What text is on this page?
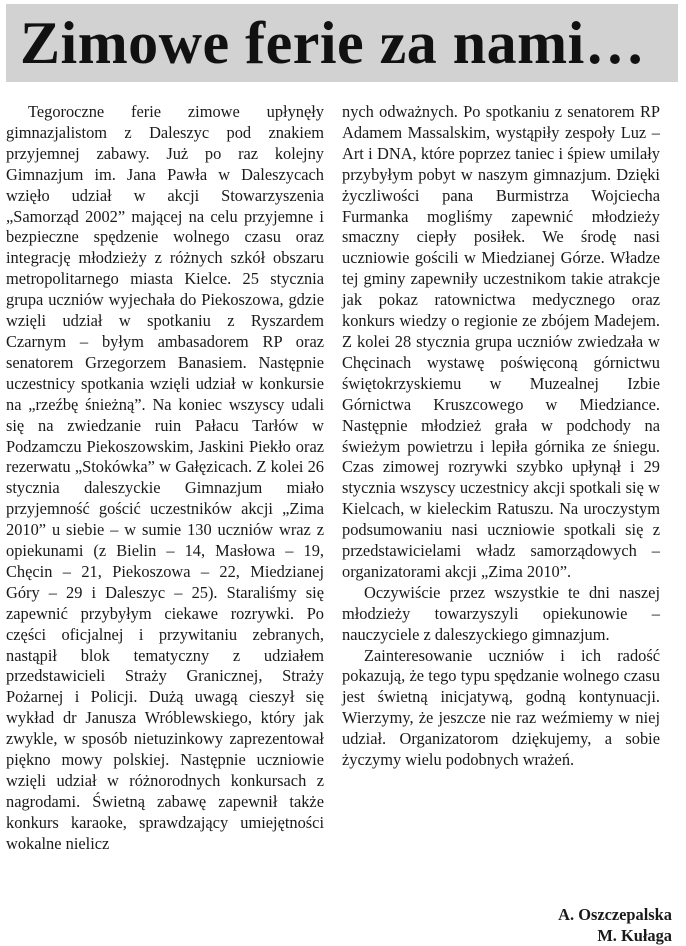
Zimowe ferie za nami…

Tegoroczne ferie zimowe upłynęły gimnazjalistom z Daleszyc pod znakiem przyjemnej zabawy. Już po raz kolejny Gimnazjum im. Jana Pawła w Daleszycach wzięło udział w akcji Stowarzyszenia „Samorząd 2002” mającej na celu przyjemne i bezpieczne spędzenie wolnego czasu oraz integrację młodzieży z różnych szkół obszaru metropolitarnego miasta Kielce. 25 stycznia grupa uczniów wyjechała do Piekoszowa, gdzie wzięli udział w spotkaniu z Ryszardem Czarnym – byłym ambasadorem RP oraz senatorem Grzegorzem Banasiem. Następnie uczestnicy spotkania wzięli udział w konkursie na „rzeźbę śnieżną”. Na koniec wszyscy udali się na zwiedzanie ruin Pałacu Tarłów w Podzamczu Piekoszowskim, Jaskini Piekło oraz rezerwatu „Stokówka” w Gałęzicach. Z kolei 26 stycznia daleszyckie Gimnazjum miało przyjemność gościć uczestników akcji „Zima 2010” u siebie – w sumie 130 uczniów wraz z opiekunami (z Bielin – 14, Masłowa – 19, Chęcin – 21, Piekoszowa – 22, Miedzianej Góry – 29 i Daleszyc – 25). Staraliśmy się zapewnić przybyłym ciekawe rozrywki. Po części oficjalnej i przywitaniu zebranych, nastąpił blok tematyczny z udziałem przedstawicieli Straży Granicznej, Straży Pożarnej i Policji. Dużą uwagą cieszył się wykład dr Janusza Wróblewskiego, który jak zwykle, w sposób nietuzinkowy zaprezentował piękno mowy polskiej. Następnie uczniowie wzięli udział w różnorodnych konkursach z nagrodami. Świetną zabawę zapewnił także konkurs karaoke, sprawdzający umiejętności wokalne nielicz

nych odważnych. Po spotkaniu z senatorem RP Adamem Massalskim, wystąpiły zespoły Luz – Art i DNA, które poprzez taniec i śpiew umilały przybyłym pobyt w naszym gimnazjum. Dzięki życzliwości pana Burmistrza Wojciecha Furmanka mogliśmy zapewnić młodzieży smaczny ciepły posiłek. We środę nasi uczniowie gościli w Miedzianej Górze. Władze tej gminy zapewniły uczestnikom takie atrakcje jak pokaz ratownictwa medycznego oraz konkurs wiedzy o regionie ze zbójem Madejem. Z kolei 28 stycznia grupa uczniów zwiedzała w Chęcinach wystawę poświęconą górnictwu świętokrzyskiemu w Muzealnej Izbie Górnictwa Kruszcowego w Miedziance. Następnie młodzież grała w podchody na świeżym powietrzu i lepiła górnika ze śniegu. Czas zimowej rozrywki szybko upłynął i 29 stycznia wszyscy uczestnicy akcji spotkali się w Kielcach, w kieleckim Ratuszu. Na uroczystym podsumowaniu nasi uczniowie spotkali się z przedstawicielami władz samorządowych – organizatorami akcji „Zima 2010”.

Oczywiście przez wszystkie te dni naszej młodzieży towarzyszyli opiekunowie – nauczyciele z daleszyckiego gimnazjum.

Zainteresowanie uczniów i ich radość pokazują, że tego typu spędzanie wolnego czasu jest świetną inicjatywą, godną kontynuacji. Wierzymy, że jeszcze nie raz weźmiemy w niej udział. Organizatorom dziękujemy, a sobie życzymy wielu podobnych wrażeń.

A. Oszczepalska
M. Kułaga
